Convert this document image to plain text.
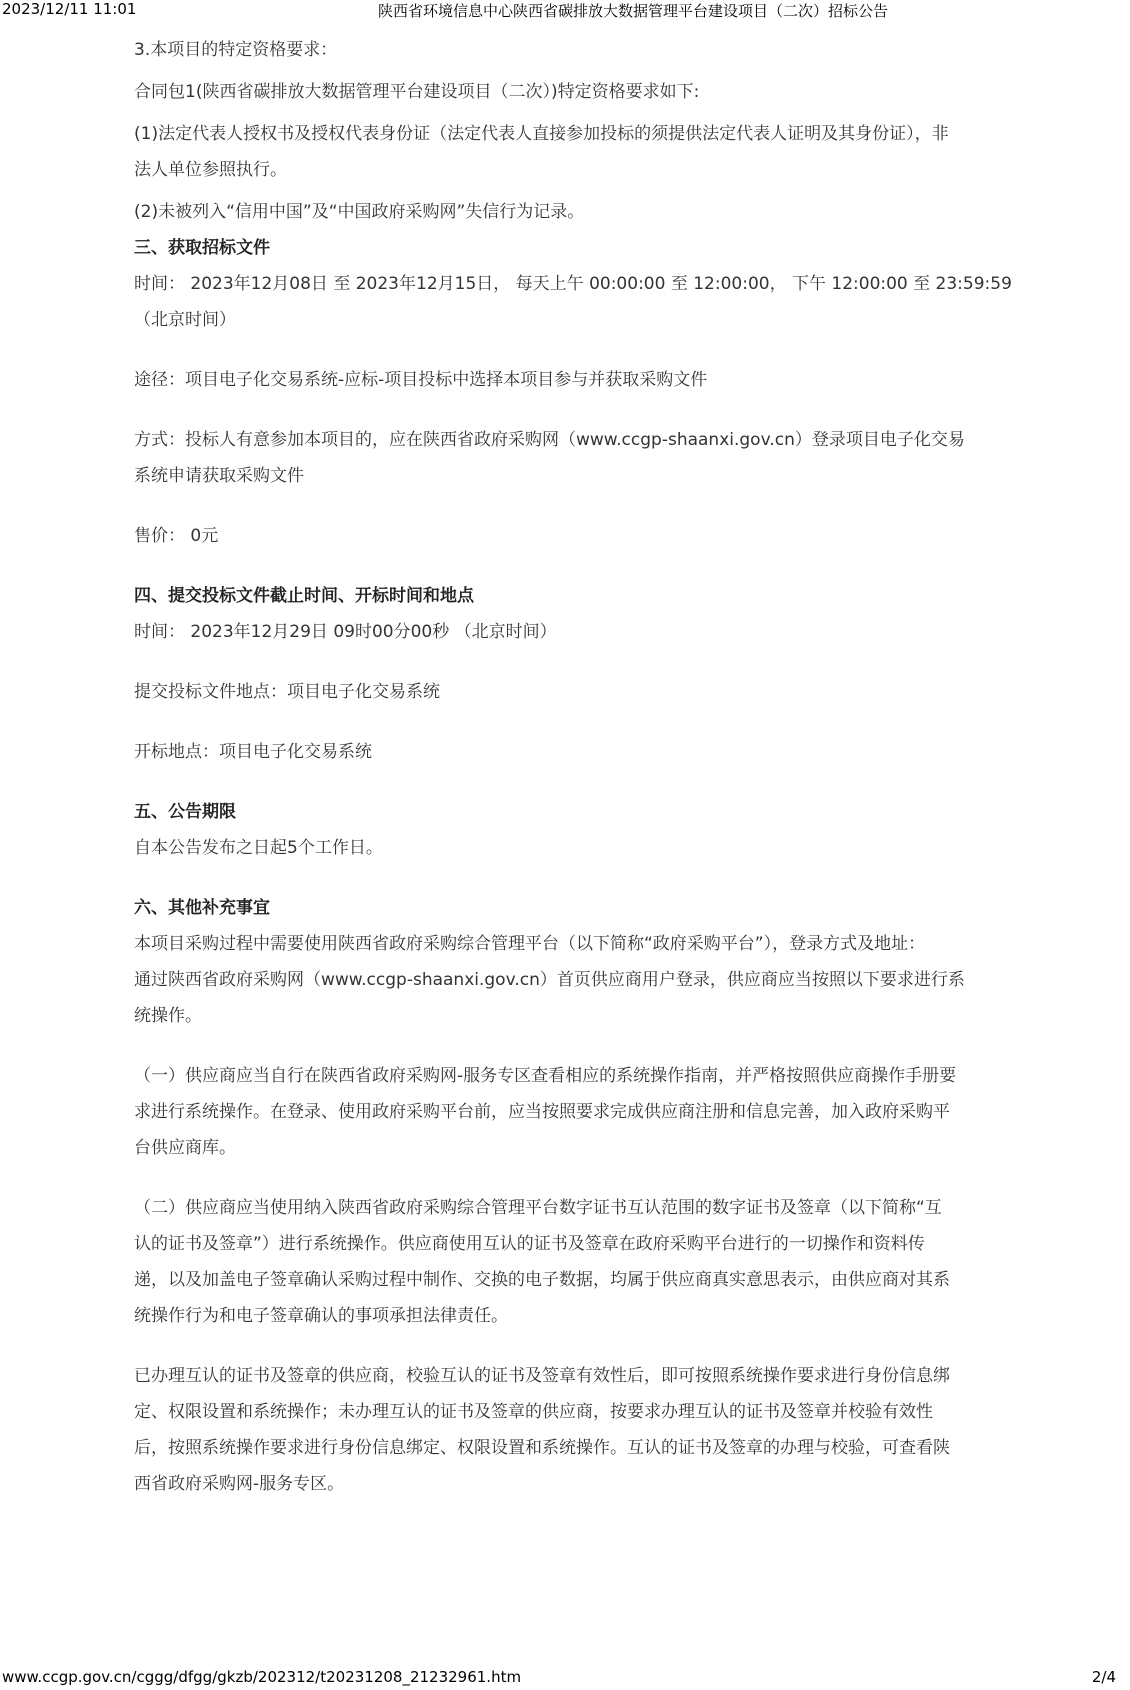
2023/12/11 11:01	陕西省环境信息中心陕西省碳排放大数据管理平台建设项目（二次）招标公告

3.本项目的特定资格要求：

合同包1(陕西省碳排放大数据管理平台建设项目（二次）)特定资格要求如下:

(1)法定代表人授权书及授权代表身份证（法定代表人直接参加投标的须提供法定代表人证明及其身份证），非

法人单位参照执行。

(2)未被列入“信用中国”及“中国政府采购网”失信行为记录。

三、获取招标文件

时间： 2023年12月08日 至 2023年12月15日， 每天上午 00:00:00 至 12:00:00， 下午 12:00:00 至 23:59:59

（北京时间）

途径：项目电子化交易系统-应标-项目投标中选择本项目参与并获取采购文件

方式：投标人有意参加本项目的，应在陕西省政府采购网（www.ccgp-shaanxi.gov.cn）登录项目电子化交易

系统申请获取采购文件

售价： 0元

四、提交投标文件截止时间、开标时间和地点

时间： 2023年12月29日 09时00分00秒 （北京时间）

提交投标文件地点：项目电子化交易系统

开标地点：项目电子化交易系统

五、公告期限

自本公告发布之日起5个工作日。

六、其他补充事宜

本项目采购过程中需要使用陕西省政府采购综合管理平台（以下简称“政府采购平台”），登录方式及地址：

通过陕西省政府采购网（www.ccgp-shaanxi.gov.cn）首页供应商用户登录，供应商应当按照以下要求进行系

统操作。

（一）供应商应当自行在陕西省政府采购网-服务专区查看相应的系统操作指南，并严格按照供应商操作手册要

求进行系统操作。在登录、使用政府采购平台前，应当按照要求完成供应商注册和信息完善，加入政府采购平

台供应商库。

（二）供应商应当使用纳入陕西省政府采购综合管理平台数字证书互认范围的数字证书及签章（以下简称“互

认的证书及签章”）进行系统操作。供应商使用互认的证书及签章在政府采购平台进行的一切操作和资料传

递，以及加盖电子签章确认采购过程中制作、交换的电子数据，均属于供应商真实意思表示，由供应商对其系

统操作行为和电子签章确认的事项承担法律责任。

已办理互认的证书及签章的供应商，校验互认的证书及签章有效性后，即可按照系统操作要求进行身份信息绑

定、权限设置和系统操作；未办理互认的证书及签章的供应商，按要求办理互认的证书及签章并校验有效性

后，按照系统操作要求进行身份信息绑定、权限设置和系统操作。互认的证书及签章的办理与校验，可查看陕

西省政府采购网-服务专区。

www.ccgp.gov.cn/cggg/dfgg/gkzb/202312/t20231208_21232961.htm	2/4
